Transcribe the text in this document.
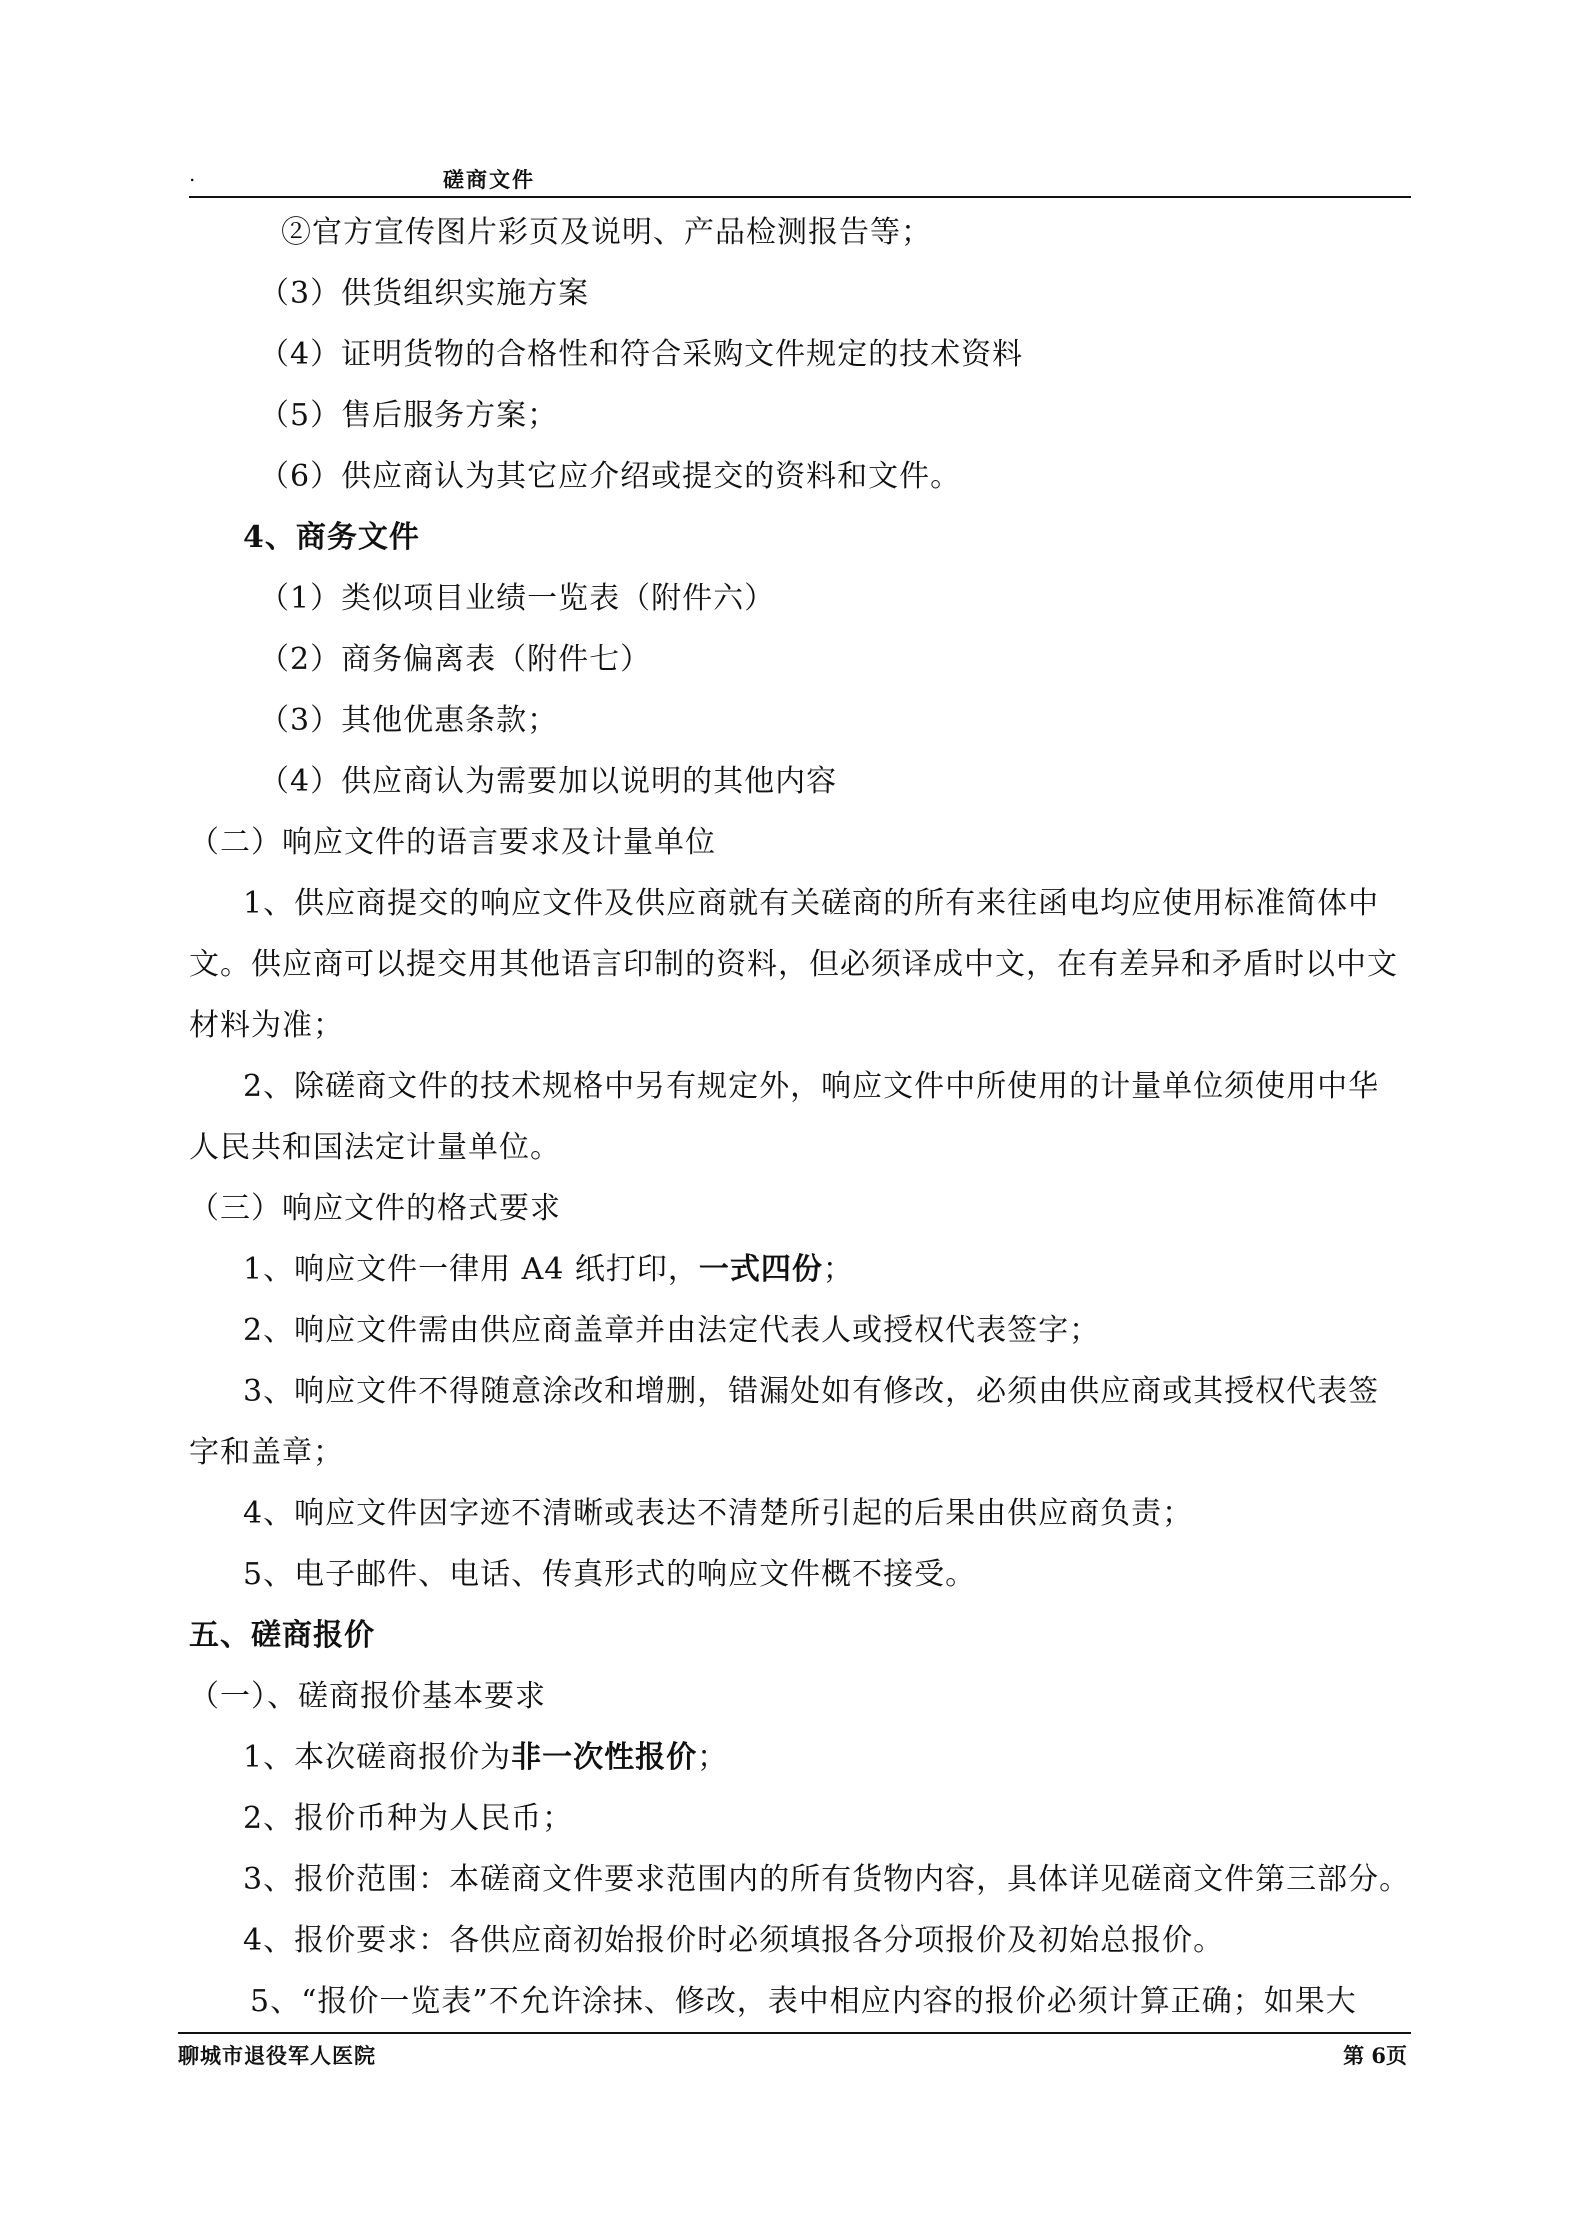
.	磋商文件
②官方宣传图片彩页及说明、产品检测报告等；
（3）供货组织实施方案
（4）证明货物的合格性和符合采购文件规定的技术资料
（5）售后服务方案；
（6）供应商认为其它应介绍或提交的资料和文件。
4、商务文件
（1）类似项目业绩一览表（附件六）
（2）商务偏离表（附件七）
（3）其他优惠条款；
（4）供应商认为需要加以说明的其他内容
（二）响应文件的语言要求及计量单位
1、供应商提交的响应文件及供应商就有关磋商的所有来往函电均应使用标准简体中
文。供应商可以提交用其他语言印制的资料，但必须译成中文，在有差异和矛盾时以中文
材料为准；
2、除磋商文件的技术规格中另有规定外，响应文件中所使用的计量单位须使用中华
人民共和国法定计量单位。
（三）响应文件的格式要求
1、响应文件一律用 A4 纸打印，一式四份；
2、响应文件需由供应商盖章并由法定代表人或授权代表签字；
3、响应文件不得随意涂改和增删，错漏处如有修改，必须由供应商或其授权代表签
字和盖章；
4、响应文件因字迹不清晰或表达不清楚所引起的后果由供应商负责；
5、电子邮件、电话、传真形式的响应文件概不接受。
五、磋商报价
（一）、磋商报价基本要求
1、本次磋商报价为非一次性报价；
2、报价币种为人民币；
3、报价范围：本磋商文件要求范围内的所有货物内容，具体详见磋商文件第三部分。
4、报价要求：各供应商初始报价时必须填报各分项报价及初始总报价。
5、“报价一览表”不允许涂抹、修改，表中相应内容的报价必须计算正确；如果大
聊城市退役军人医院	第 6页
